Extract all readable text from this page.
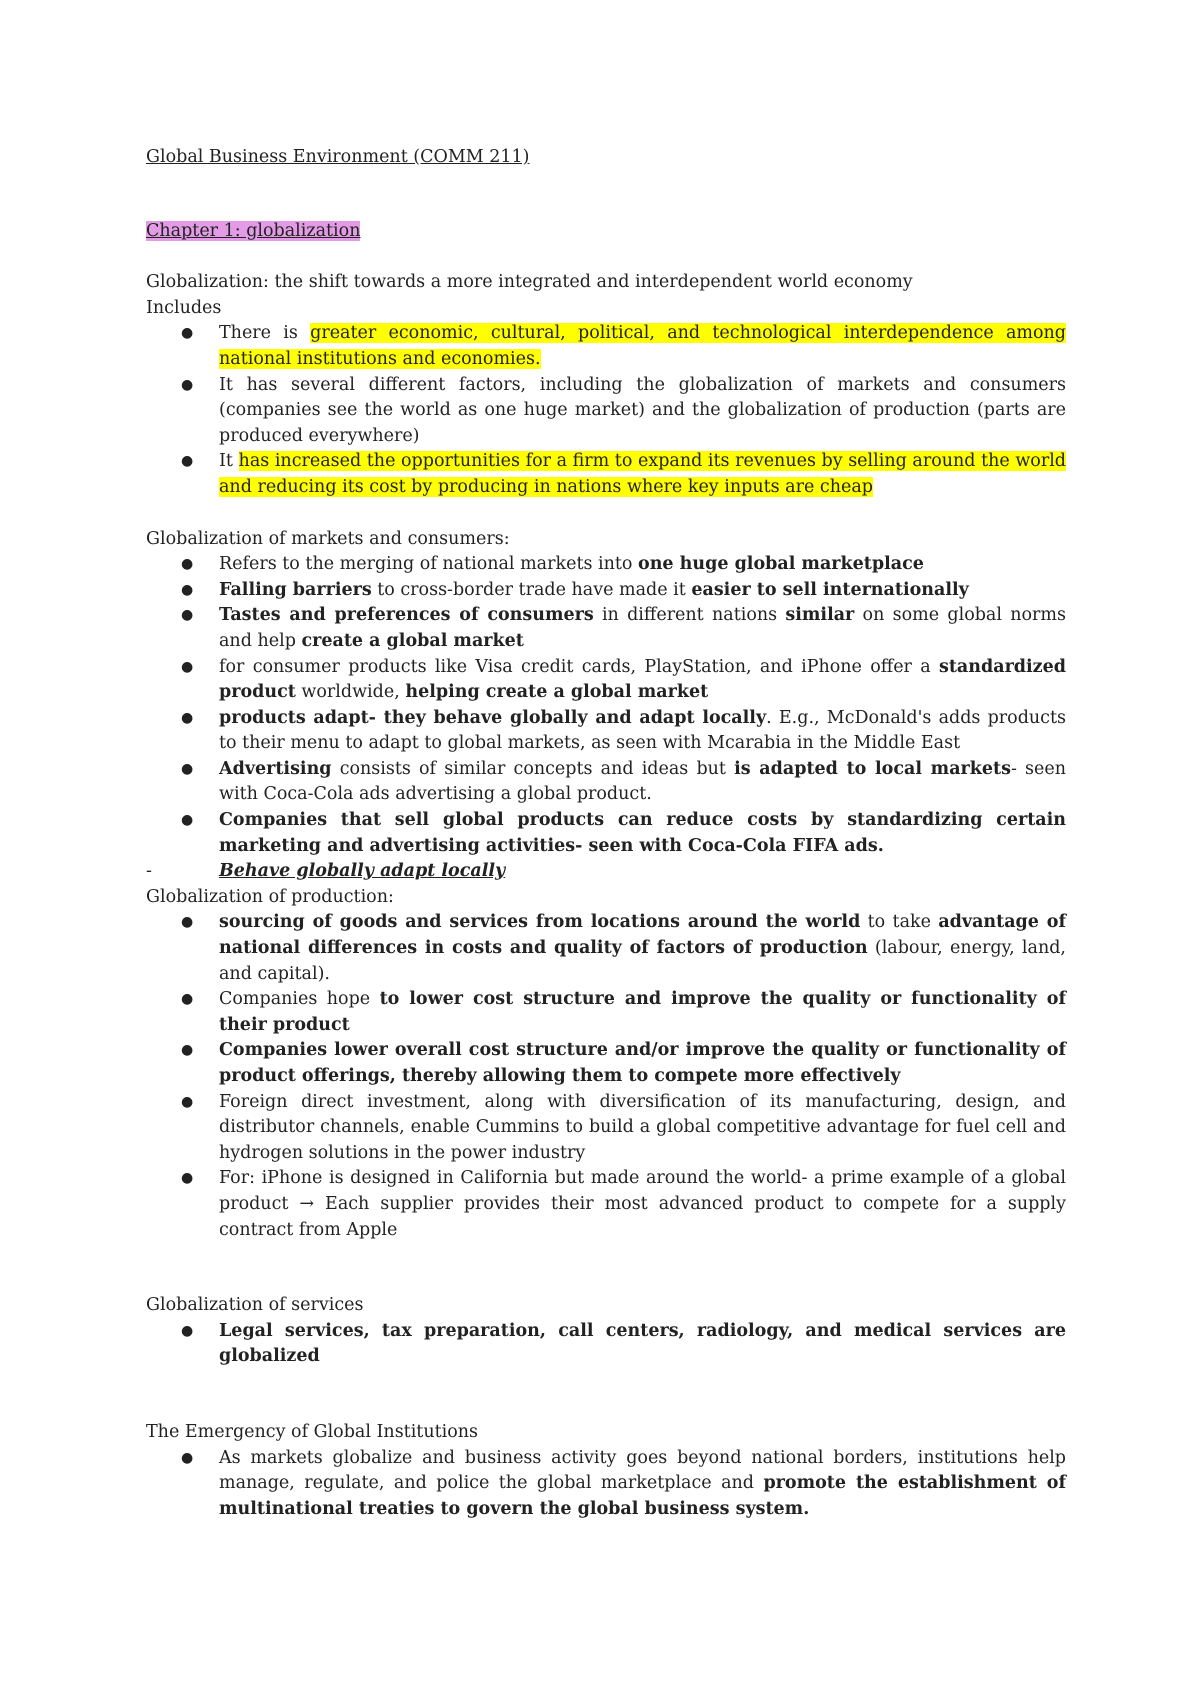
Global Business Environment (COMM 211)
Chapter 1: globalization
Globalization: the shift towards a more integrated and interdependent world economy
Includes
● There is greater economic, cultural, political, and technological interdependence among national institutions and economies.
● It has several different factors, including the globalization of markets and consumers (companies see the world as one huge market) and the globalization of production (parts are produced everywhere)
● It has increased the opportunities for a firm to expand its revenues by selling around the world and reducing its cost by producing in nations where key inputs are cheap
Globalization of markets and consumers:
● Refers to the merging of national markets into one huge global marketplace
● Falling barriers to cross-border trade have made it easier to sell internationally
● Tastes and preferences of consumers in different nations similar on some global norms and help create a global market
● for consumer products like Visa credit cards, PlayStation, and iPhone offer a standardized product worldwide, helping create a global market
● products adapt- they behave globally and adapt locally. E.g., McDonald's adds products to their menu to adapt to global markets, as seen with Mcarabia in the Middle East
● Advertising consists of similar concepts and ideas but is adapted to local markets- seen with Coca-Cola ads advertising a global product.
● Companies that sell global products can reduce costs by standardizing certain marketing and advertising activities- seen with Coca-Cola FIFA ads.
-	Behave globally adapt locally
Globalization of production:
● sourcing of goods and services from locations around the world to take advantage of national differences in costs and quality of factors of production (labour, energy, land, and capital).
● Companies hope to lower cost structure and improve the quality or functionality of their product
● Companies lower overall cost structure and/or improve the quality or functionality of product offerings, thereby allowing them to compete more effectively
● Foreign direct investment, along with diversification of its manufacturing, design, and distributor channels, enable Cummins to build a global competitive advantage for fuel cell and hydrogen solutions in the power industry
● For: iPhone is designed in California but made around the world- a prime example of a global product → Each supplier provides their most advanced product to compete for a supply contract from Apple
Globalization of services
● Legal services, tax preparation, call centers, radiology, and medical services are globalized
The Emergency of Global Institutions
● As markets globalize and business activity goes beyond national borders, institutions help manage, regulate, and police the global marketplace and promote the establishment of multinational treaties to govern the global business system.
